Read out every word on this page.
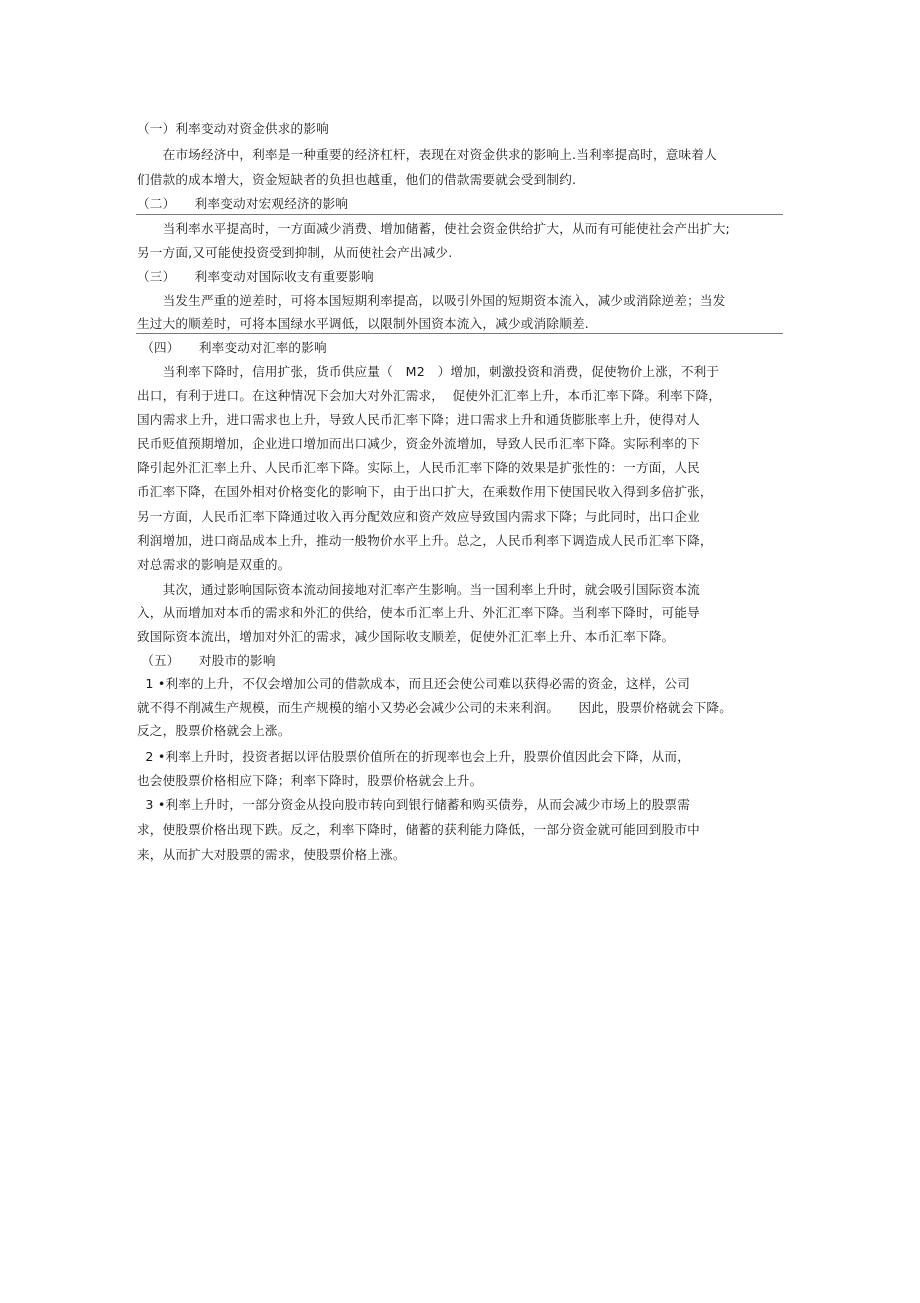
（一）利率变动对资金供求的影响
　　在市场经济中，利率是一种重要的经济杠杆，表现在对资金供求的影响上.当利率提高时，意味着人
们借款的成本增大，资金短缺者的负担也越重，他们的借款需要就会受到制约.
（二）　　利率变动对宏观经济的影响
　　当利率水平提高时，一方面减少消费、增加储蓄，使社会资金供给扩大，从而有可能使社会产出扩大;
另一方面,又可能使投资受到抑制，从而使社会产出减少.
（三）　　利率变动对国际收支有重要影响
　　当发生严重的逆差时，可将本国短期利率提高，以吸引外国的短期资本流入，减少或消除逆差；当发
生过大的顺差时，可将本国绿水平调低，以限制外国资本流入，减少或消除顺差.
（四）　　利率变动对汇率的影响
　　当利率下降时，信用扩张，货币供应量（　M2　）增加，刺激投资和消费，促使物价上涨，不利于
出口，有利于进口。在这种情况下会加大对外汇需求，  促使外汇汇率上升，本币汇率下降。利率下降，
国内需求上升，进口需求也上升，导致人民币汇率下降；进口需求上升和通货膨胀率上升，使得对人
民币贬值预期增加，企业进口增加而出口减少，资金外流增加，导致人民币汇率下降。实际利率的下
降引起外汇汇率上升、人民币汇率下降。实际上，人民币汇率下降的效果是扩张性的：一方面，人民
币汇率下降，在国外相对价格变化的影响下，由于出口扩大，在乘数作用下使国民收入得到多倍扩张，
另一方面，人民币汇率下降通过收入再分配效应和资产效应导致国内需求下降；与此同时，出口企业
利润增加，进口商品成本上升，推动一般物价水平上升。总之，人民币利率下调造成人民币汇率下降，
对总需求的影响是双重的。
　　其次，通过影响国际资本流动间接地对汇率产生影响。当一国利率上升时，就会吸引国际资本流
入，从而增加对本币的需求和外汇的供给，使本币汇率上升、外汇汇率下降。当利率下降时，可能导
致国际资本流出，增加对外汇的需求，减少国际收支顺差，促使外汇汇率上升、本币汇率下降。
（五）　　对股市的影响
1 •利率的上升，不仅会增加公司的借款成本，而且还会使公司难以获得必需的资金，这样，公司
就不得不削减生产规模，而生产规模的缩小又势必会减少公司的未来利润。　　因此，股票价格就会下降。
反之，股票价格就会上涨。
2 •利率上升时，投资者据以评估股票价值所在的折现率也会上升，股票价值因此会下降，从而，
也会使股票价格相应下降；利率下降时，股票价格就会上升。
3 •利率上升时，一部分资金从投向股市转向到银行储蓄和购买债券，从而会减少市场上的股票需
求，使股票价格出现下跌。反之，利率下降时，储蓄的获利能力降低，一部分资金就可能回到股市中
来，从而扩大对股票的需求，使股票价格上涨。
